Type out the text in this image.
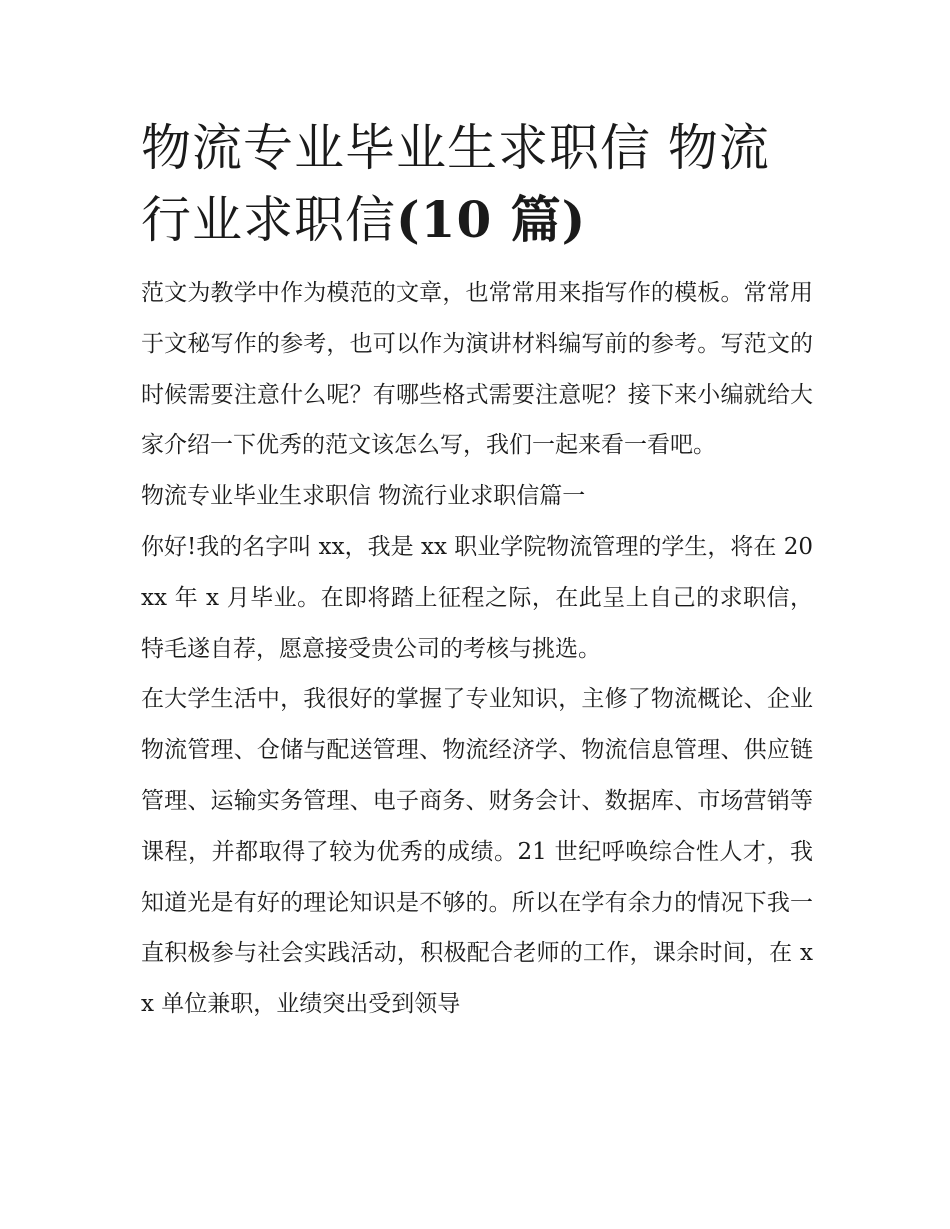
物流专业毕业生求职信 物流行业求职信(10 篇)

范文为教学中作为模范的文章，也常常用来指写作的模板。常常用于文秘写作的参考，也可以作为演讲材料编写前的参考。写范文的时候需要注意什么呢？有哪些格式需要注意呢？接下来小编就给大家介绍一下优秀的范文该怎么写，我们一起来看一看吧。

物流专业毕业生求职信 物流行业求职信篇一

你好!我的名字叫 xx，我是 xx 职业学院物流管理的学生，将在 20xx 年 x 月毕业。在即将踏上征程之际，在此呈上自己的求职信，特毛遂自荐，愿意接受贵公司的考核与挑选。

在大学生活中，我很好的掌握了专业知识，主修了物流概论、企业物流管理、仓储与配送管理、物流经济学、物流信息管理、供应链管理、运输实务管理、电子商务、财务会计、数据库、市场营销等课程，并都取得了较为优秀的成绩。21 世纪呼唤综合性人才，我知道光是有好的理论知识是不够的。所以在学有余力的情况下我一直积极参与社会实践活动，积极配合老师的工作，课余时间，在 xx 单位兼职，业绩突出受到领导
